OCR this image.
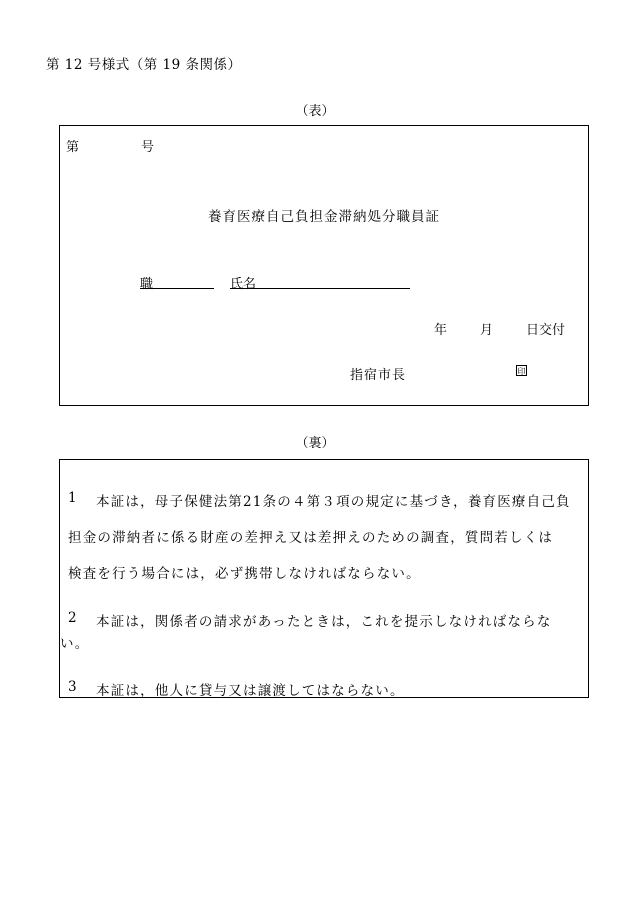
第 12 号様式（第 19 条関係）
（表）
第	号
養育医療自己負担金滞納処分職員証
職	氏名
年	月	日交付
指宿市長	印
（裏）
1 本証は，母子保健法第21条の４第３項の規定に基づき，養育医療自己負
担金の滞納者に係る財産の差押え又は差押えのための調査，質問若しくは
検査を行う場合には，必ず携帯しなければならない。
2 本証は，関係者の請求があったときは，これを提示しなければならな
い。
3 本証は，他人に貸与又は譲渡してはならない。
